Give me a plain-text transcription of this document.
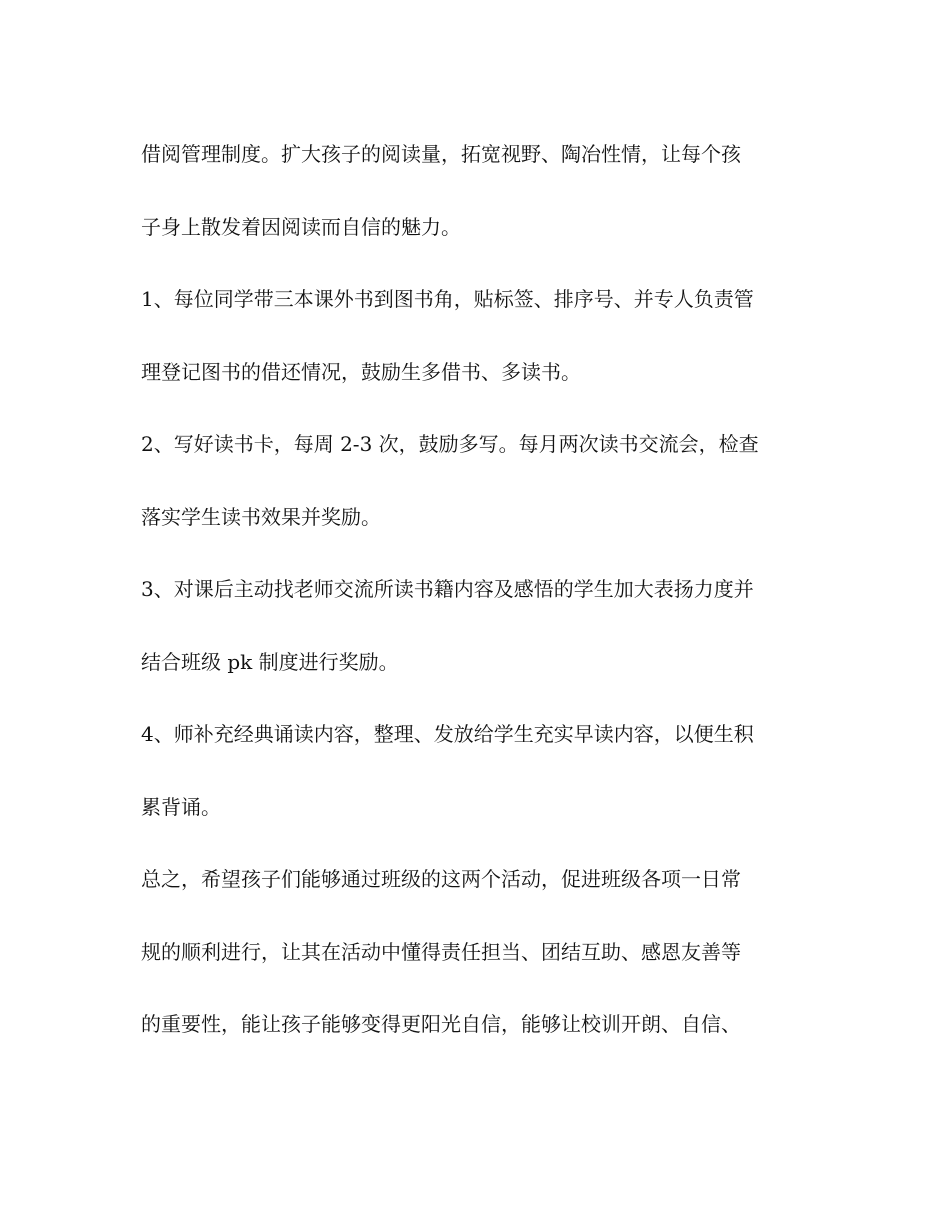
借阅管理制度。扩大孩子的阅读量，拓宽视野、陶冶性情，让每个孩
子身上散发着因阅读而自信的魅力。
1、每位同学带三本课外书到图书角，贴标签、排序号、并专人负责管
理登记图书的借还情况，鼓励生多借书、多读书。
2、写好读书卡，每周 2-3 次，鼓励多写。每月两次读书交流会，检查
落实学生读书效果并奖励。
3、对课后主动找老师交流所读书籍内容及感悟的学生加大表扬力度并
结合班级 pk 制度进行奖励。
4、师补充经典诵读内容，整理、发放给学生充实早读内容，以便生积
累背诵。
总之，希望孩子们能够通过班级的这两个活动，促进班级各项一日常
规的顺利进行，让其在活动中懂得责任担当、团结互助、感恩友善等
的重要性，能让孩子能够变得更阳光自信，能够让校训开朗、自信、
